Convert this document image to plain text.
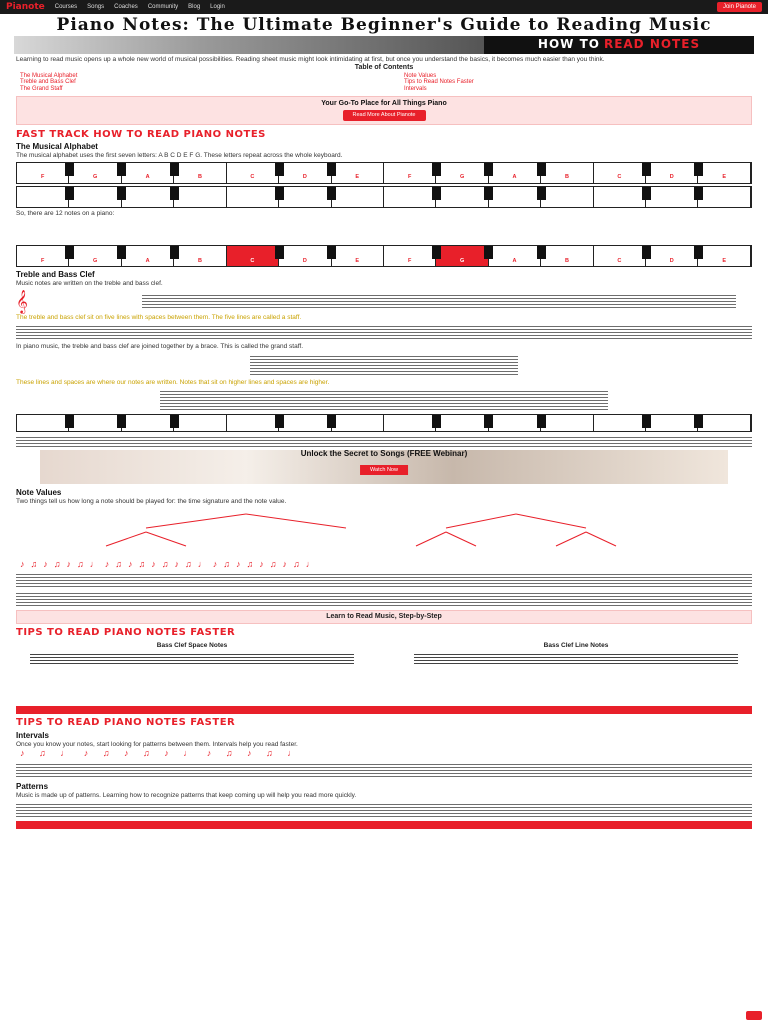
Pianote Courses Songs Coaches Community Blog Login	Join Pianote
Piano Notes: The Ultimate Beginner's Guide to Reading Music
HOW TO READ NOTES
Learning to read music opens up a whole new world of musical possibilities. Reading sheet music might look intimidating at first, but once you understand the basics, it becomes much easier than you think.
Table of Contents
The Musical Alphabet
Treble and Bass Clef
The Grand Staff
Note Values
Tips to Read Notes Faster
Intervals
Your Go-To Place for All Things Piano
Read More About Pianote
FAST TRACK HOW TO READ PIANO NOTES
The Musical Alphabet
The musical alphabet uses the first seven letters: A B C D E F G. These letters repeat across the whole keyboard.
F	G	A	B	C	D	E	F	G	A	B	C	D	E
So, there are 12 notes on a piano:
F	G	A	B	C	D	E	F	G	A	B	C	D	E
Treble and Bass Clef
Music notes are written on the treble and bass clef.
𝄞
The treble and bass clef sit on five lines with spaces between them. The five lines are called a staff.
In piano music, the treble and bass clef are joined together by a brace. This is called the grand staff.
These lines and spaces are where our notes are written. Notes that sit on higher lines and spaces are higher.
Unlock the Secret to Songs (FREE Webinar)
Watch Now
Note Values
Two things tell us how long a note should be played for: the time signature and the note value.
♪♫♪♫♪♫♩♪♫♪♫♪♫♪♫♩♪♫♪♫♪♫♪♫♩
Learn to Read Music, Step-by-Step
TIPS TO READ PIANO NOTES FASTER
Bass Clef Space Notes	Bass Clef Line Notes
TIPS TO READ PIANO NOTES FASTER
Intervals
Once you know your notes, start looking for patterns between them. Intervals help you read faster.
♪ ♫ ♩ ♪ ♫ ♪ ♫ ♪ ♩ ♪ ♫ ♪ ♫ ♩
Patterns
Music is made up of patterns. Learning how to recognize patterns that keep coming up will help you read more quickly.
